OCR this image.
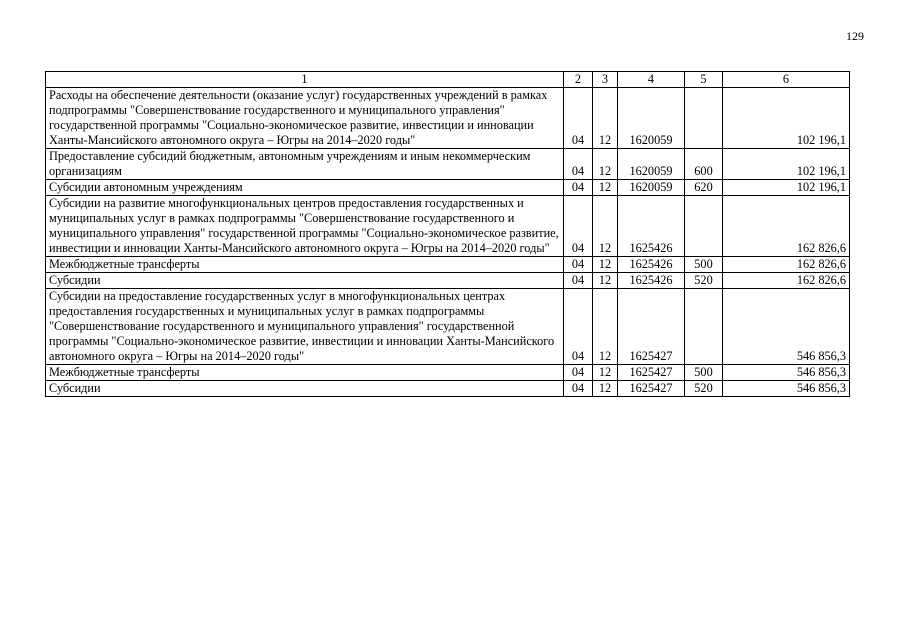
129
1	2	3	4	5	6
Расходы на обеспечение деятельности (оказание услуг) государственных учреждений в рамках подпрограммы "Совершенствование государственного и муниципального управления" государственной программы "Социально-экономическое развитие, инвестиции и инновации Ханты-Мансийского автономного округа – Югры на 2014–2020 годы"	04	12	1620059		102 196,1
Предоставление субсидий бюджетным, автономным учреждениям и иным некоммерческим организациям	04	12	1620059	600	102 196,1
Субсидии автономным учреждениям	04	12	1620059	620	102 196,1
Субсидии на развитие многофункциональных центров предоставления государственных и муниципальных услуг в рамках подпрограммы "Совершенствование государственного и муниципального управления" государственной программы "Социально-экономическое развитие, инвестиции и инновации Ханты-Мансийского автономного округа – Югры на 2014–2020 годы"	04	12	1625426		162 826,6
Межбюджетные трансферты	04	12	1625426	500	162 826,6
Субсидии	04	12	1625426	520	162 826,6
Субсидии на предоставление государственных услуг в многофункциональных центрах предоставления государственных и муниципальных услуг в рамках подпрограммы "Совершенствование государственного и муниципального управления" государственной программы "Социально-экономическое развитие, инвестиции и инновации Ханты-Мансийского автономного округа – Югры на 2014–2020 годы"	04	12	1625427		546 856,3
Межбюджетные трансферты	04	12	1625427	500	546 856,3
Субсидии	04	12	1625427	520	546 856,3
